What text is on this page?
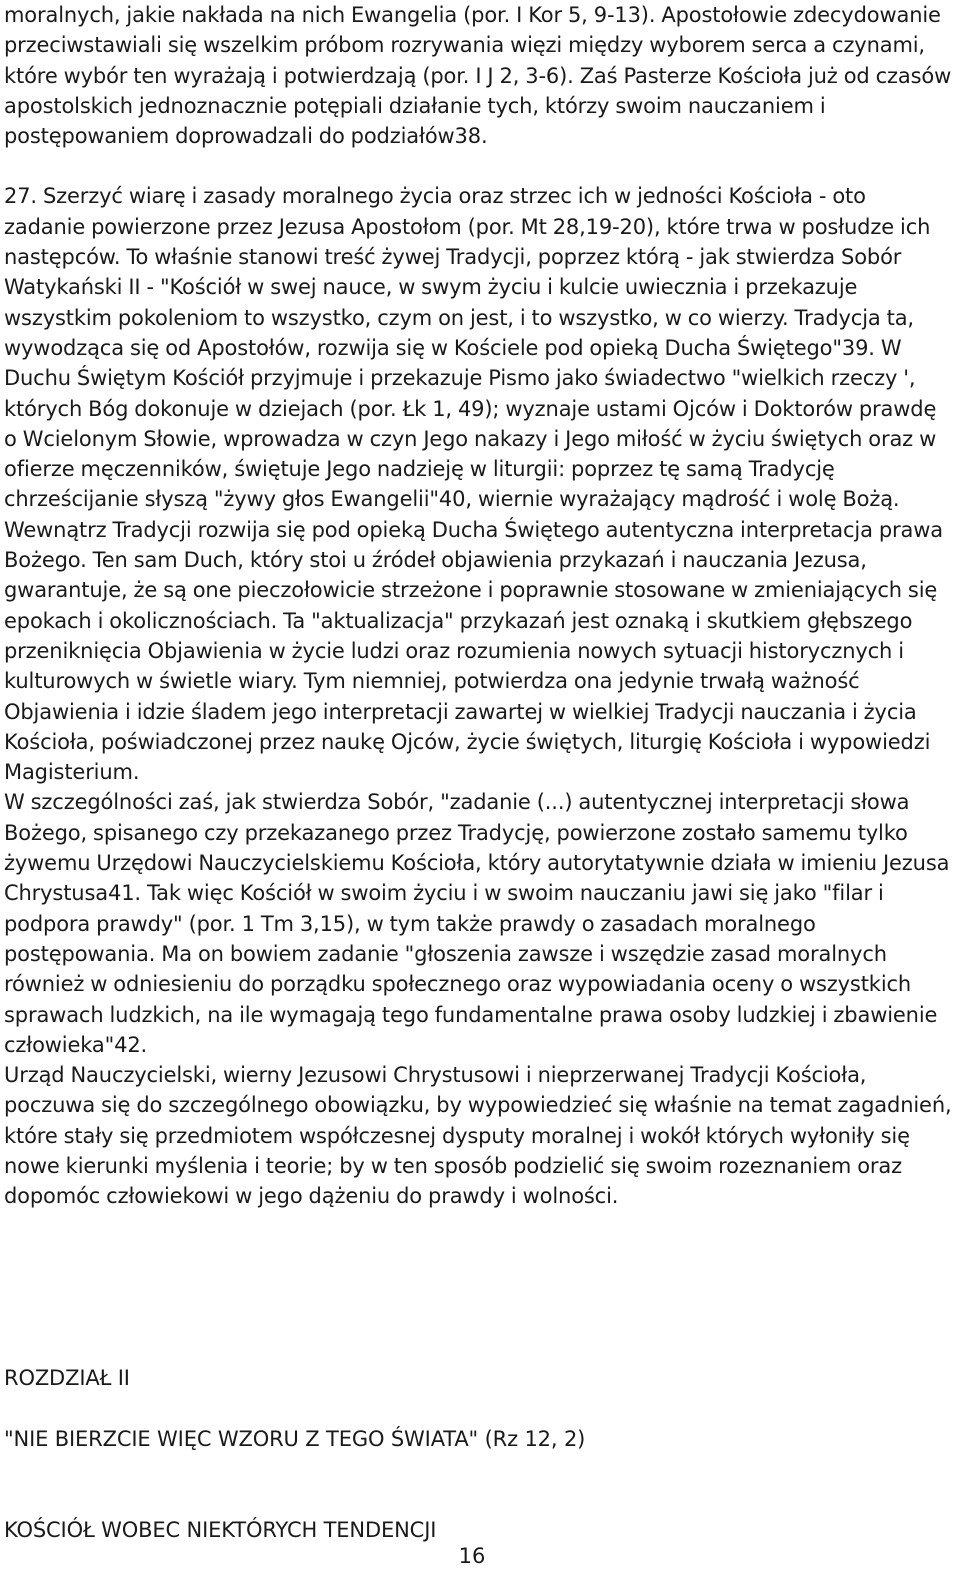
moralnych, jakie nakłada na nich Ewangelia (por. I Kor 5, 9-13). Apostołowie zdecydowanie przeciwstawiali się wszelkim próbom rozrywania więzi między wyborem serca a czynami, które wybór ten wyrażają i potwierdzają (por. I J 2, 3-6). Zaś Pasterze Kościoła już od czasów apostolskich jednoznacznie potępiali działanie tych, którzy swoim nauczaniem i postępowaniem doprowadzali do podziałów38.

27. Szerzyć wiarę i zasady moralnego życia oraz strzec ich w jedności Kościoła - oto zadanie powierzone przez Jezusa Apostołom (por. Mt 28,19-20), które trwa w posłudze ich następców. To właśnie stanowi treść żywej Tradycji, poprzez którą - jak stwierdza Sobór Watykański II - "Kościół w swej nauce, w swym życiu i kulcie uwiecznia i przekazuje wszystkim pokoleniom to wszystko, czym on jest, i to wszystko, w co wierzy. Tradycja ta, wywodząca się od Apostołów, rozwija się w Kościele pod opieką Ducha Świętego"39. W Duchu Świętym Kościół przyjmuje i przekazuje Pismo jako świadectwo "wielkich rzeczy ', których Bóg dokonuje w dziejach (por. Łk 1, 49); wyznaje ustami Ojców i Doktorów prawdę o Wcielonym Słowie, wprowadza w czyn Jego nakazy i Jego miłość w życiu świętych oraz w ofierze męczenników, świętuje Jego nadzieję w liturgii: poprzez tę samą Tradycję chrześcijanie słyszą "żywy głos Ewangelii"40, wiernie wyrażający mądrość i wolę Bożą.

Wewnątrz Tradycji rozwija się pod opieką Ducha Świętego autentyczna interpretacja prawa Bożego. Ten sam Duch, który stoi u źródeł objawienia przykazań i nauczania Jezusa, gwarantuje, że są one pieczołowicie strzeżone i poprawnie stosowane w zmieniających się epokach i okolicznościach. Ta "aktualizacja" przykazań jest oznaką i skutkiem głębszego przeniknięcia Objawienia w życie ludzi oraz rozumienia nowych sytuacji historycznych i kulturowych w świetle wiary. Tym niemniej, potwierdza ona jedynie trwałą ważność Objawienia i idzie śladem jego interpretacji zawartej w wielkiej Tradycji nauczania i życia Kościoła, poświadczonej przez naukę Ojców, życie świętych, liturgię Kościoła i wypowiedzi Magisterium.

W szczególności zaś, jak stwierdza Sobór, "zadanie (...) autentycznej interpretacji słowa Bożego, spisanego czy przekazanego przez Tradycję, powierzone zostało samemu tylko żywemu Urzędowi Nauczycielskiemu Kościoła, który autorytatywnie działa w imieniu Jezusa Chrystusa41. Tak więc Kościół w swoim życiu i w swoim nauczaniu jawi się jako "filar i podpora prawdy" (por. 1 Tm 3,15), w tym także prawdy o zasadach moralnego postępowania. Ma on bowiem zadanie "głoszenia zawsze i wszędzie zasad moralnych również w odniesieniu do porządku społecznego oraz wypowiadania oceny o wszystkich sprawach ludzkich, na ile wymagają tego fundamentalne prawa osoby ludzkiej i zbawienie człowieka"42.

Urząd Nauczycielski, wierny Jezusowi Chrystusowi i nieprzerwanej Tradycji Kościoła, poczuwa się do szczególnego obowiązku, by wypowiedzieć się właśnie na temat zagadnień, które stały się przedmiotem współczesnej dysputy moralnej i wokół których wyłoniły się nowe kierunki myślenia i teorie; by w ten sposób podzielić się swoim rozeznaniem oraz dopomóc człowiekowi w jego dążeniu do prawdy i wolności.

ROZDZIAŁ II

"NIE BIERZCIE WIĘC WZORU Z TEGO ŚWIATA" (Rz 12, 2)

KOŚCIÓŁ WOBEC NIEKTÓRYCH TENDENCJI

16
